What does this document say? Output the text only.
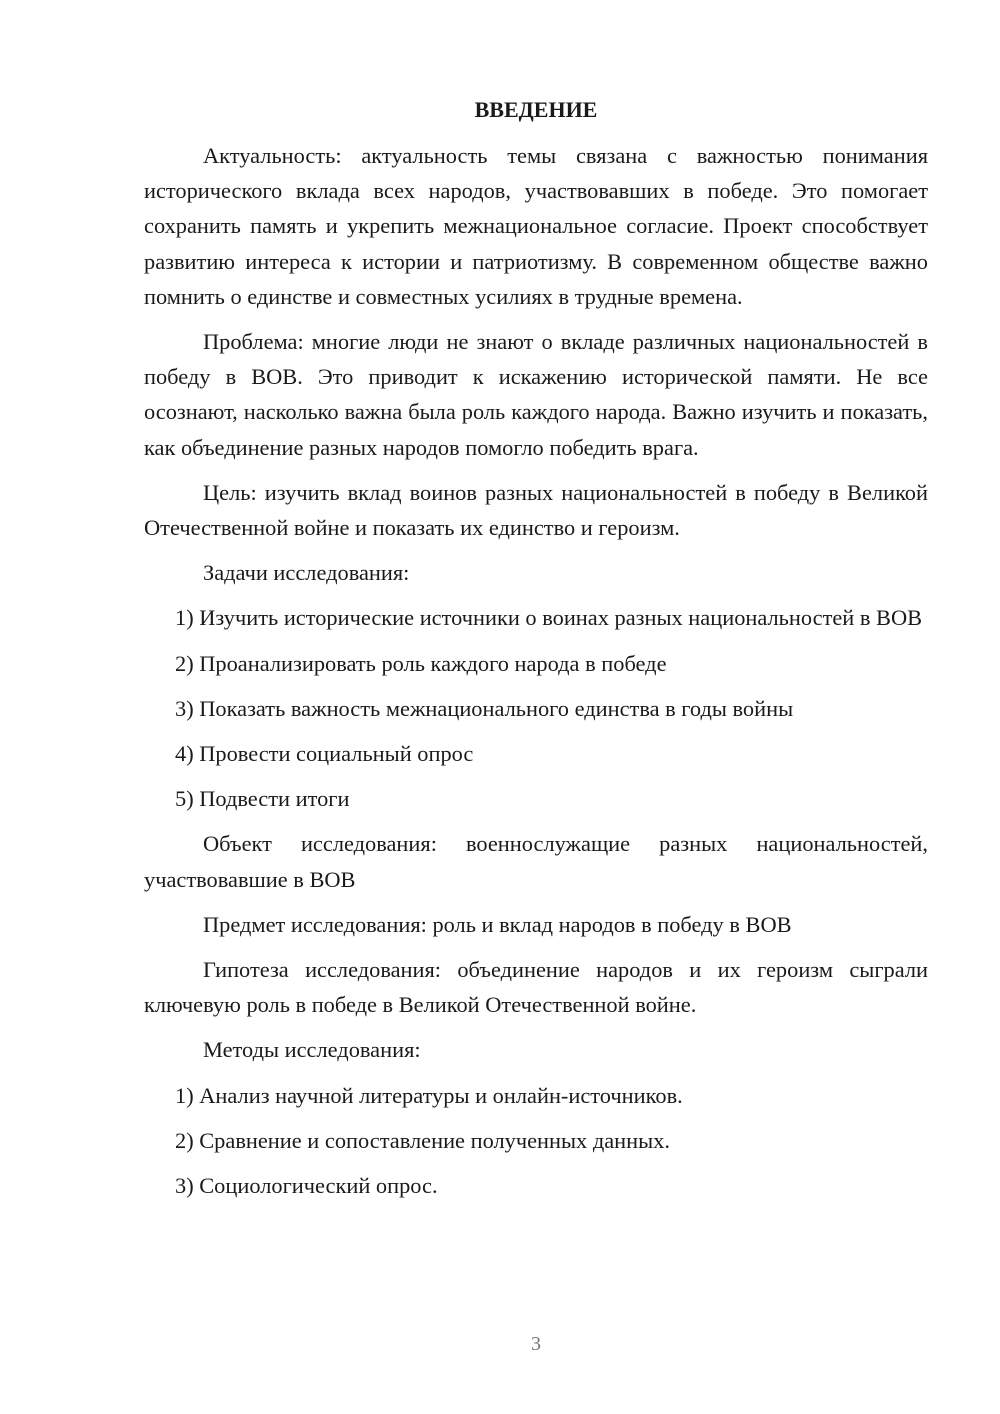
ВВЕДЕНИЕ
Актуальность: актуальность темы связана с важностью понимания исторического вклада всех народов, участвовавших в победе. Это помогает сохранить память и укрепить межнациональное согласие. Проект способствует развитию интереса к истории и патриотизму. В современном обществе важно помнить о единстве и совместных усилиях в трудные времена.
Проблема: многие люди не знают о вкладе различных национальностей в победу в ВОВ. Это приводит к искажению исторической памяти. Не все осознают, насколько важна была роль каждого народа. Важно изучить и показать, как объединение разных народов помогло победить врага.
Цель: изучить вклад воинов разных национальностей в победу в Великой Отечественной войне и показать их единство и героизм.
Задачи исследования:
1) Изучить исторические источники о воинах разных национальностей в ВОВ
2) Проанализировать роль каждого народа в победе
3) Показать важность межнационального единства в годы войны
4) Провести социальный опрос
5) Подвести итоги
Объект исследования: военнослужащие разных национальностей, участвовавшие в ВОВ
Предмет исследования: роль и вклад народов в победу в ВОВ
Гипотеза исследования: объединение народов и их героизм сыграли ключевую роль в победе в Великой Отечественной войне.
Методы исследования:
1) Анализ научной литературы и онлайн-источников.
2) Сравнение и сопоставление полученных данных.
3) Социологический опрос.
3
